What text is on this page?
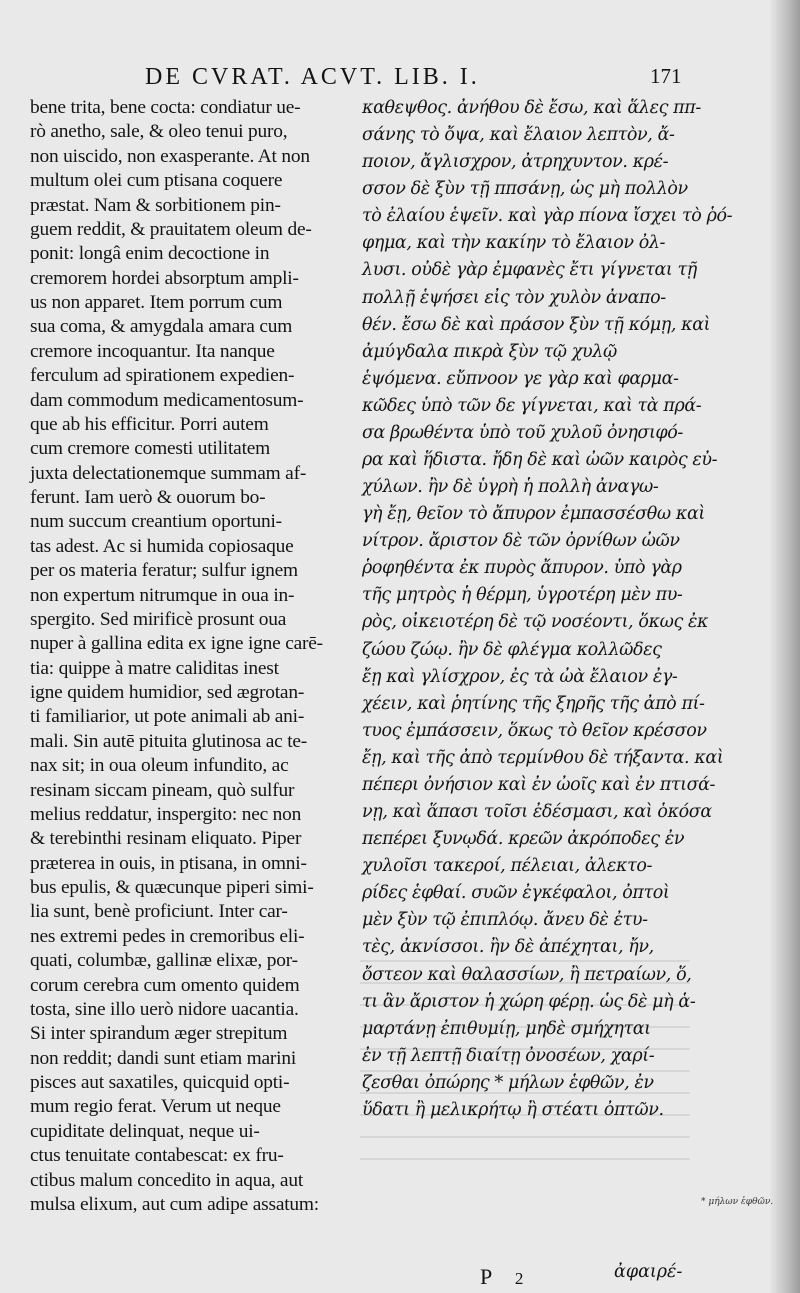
DE CVRAT. ACVT. LIB. I.	171
bene trita, bene cocta: condiatur ue-
rò anetho, sale, & oleo tenui puro,
non uiscido, non exasperante. At non
multum olei cum ptisana coquere
præstat. Nam & sorbitionem pin-
guem reddit, & prauitatem oleum de-
ponit: longâ enim decoctione in
cremorem hordei absorptum ampli-
us non apparet. Item porrum cum
sua coma, & amygdala amara cum
cremore incoquantur. Ita nanque
ferculum ad spirationem expedien-
dam commodum medicamentosum-
que ab his efficitur. Porri autem
cum cremore comesti utilitatem
juxta delectationemque summam af-
ferunt. Iam uerò & ouorum bo-
num succum creantium oportuni-
tas adest. Ac si humida copiosaque
per os materia feratur; sulfur ignem
non expertum nitrumque in oua in-
spergito. Sed mirificè prosunt oua
nuper à gallina edita ex igne igne carē-
tia: quippe à matre caliditas inest
igne quidem humidior, sed ægrotan-
ti familiarior, ut pote animali ab ani-
mali. Sin autē pituita glutinosa ac te-
nax sit; in oua oleum infundito, ac
resinam siccam pineam, quò sulfur
melius reddatur, inspergito: nec non
& terebinthi resinam eliquato. Piper
præterea in ouis, in ptisana, in omni-
bus epulis, & quæcunque piperi simi-
lia sunt, benè proficiunt. Inter car-
nes extremi pedes in cremoribus eli-
quati, columbæ, gallinæ elixæ, por-
corum cerebra cum omento quidem
tosta, sine illo uerò nidore uacantia.
Si inter spirandum æger strepitum
non reddit; dandi sunt etiam marini
pisces aut saxatiles, quicquid opti-
mum regio ferat. Verum ut neque
cupiditate delinquat, neque ui-
ctus tenuitate contabescat: ex fru-
ctibus malum concedito in aqua, aut
mulsa elixum, aut cum adipe assatum:
καθεψθος. ἀνήθου δὲ ἔσω, καὶ ἅλες ππ-
σάνης τὸ ὄψα, καὶ ἔλαιον λεπτὸν, ἄ-
ποιον, ἄγλισχρον, ἀτρηχυντον. κρέ-
σσον δὲ ξὺν τῇ ππσάνῃ, ὡς μὴ πολλὸν
τὸ ἐλαίου ἑψεῖν. καὶ γὰρ πίονα ἴσχει τὸ ῥό-
φημα, καὶ τὴν κακίην τὸ ἔλαιον ὀλ-
λυσι. οὐδὲ γὰρ ἐμφανὲς ἔτι γίγνεται τῇ
πολλῇ ἑψήσει εἰς τὸν χυλὸν ἀναπο-
θέν. ἔσω δὲ καὶ πράσον ξὺν τῇ κόμῃ, καὶ
ἀμύγδαλα πικρὰ ξὺν τῷ χυλῷ
ἑψόμενα. εὔπνοον γε γὰρ καὶ φαρμα-
κῶδες ὑπὸ τῶν δε γίγνεται, καὶ τὰ πρά-
σα βρωθέντα ὑπὸ τοῦ χυλοῦ ὀνησιφό-
ρα καὶ ἥδιστα. ἤδη δὲ καὶ ὠῶν καιρὸς εὐ-
χύλων. ἢν δὲ ὑγρὴ ἡ πολλὴ ἀναγω-
γὴ ἔῃ, θεῖον τὸ ἄπυρον ἐμπασσέσθω καὶ
νίτρον. ἄριστον δὲ τῶν ὀρνίθων ὠῶν
ῥοφηθέντα ἐκ πυρὸς ἄπυρον. ὑπὸ γὰρ
τῆς μητρὸς ἡ θέρμη, ὑγροτέρη μὲν πυ-
ρὸς, οἰκειοτέρη δὲ τῷ νοσέοντι, ὅκως ἐκ
ζώου ζώῳ. ἢν δὲ φλέγμα κολλῶδες
ἔῃ καὶ γλίσχρον, ἐς τὰ ὠὰ ἔλαιον ἐγ-
χέειν, καὶ ῥητίνης τῆς ξηρῆς τῆς ἀπὸ πί-
τυος ἐμπάσσειν, ὅκως τὸ θεῖον κρέσσον
ἔῃ, καὶ τῆς ἀπὸ τερμίνθου δὲ τήξαντα. καὶ
πέπερι ὀνήσιον καὶ ἐν ὠοῖς καὶ ἐν πτισά-
νῃ, καὶ ἅπασι τοῖσι ἐδέσμασι, καὶ ὁκόσα
πεπέρει ξυνῳδά. κρεῶν ἀκρόποδες ἐν
χυλοῖσι τακεροί, πέλειαι, ἀλεκτο-
ρίδες ἑφθαί. συῶν ἐγκέφαλοι, ὀπτοὶ
μὲν ξὺν τῷ ἐπιπλόῳ. ἄνευ δὲ ἐτυ-
τὲς, ἀκνίσσοι. ἢν δὲ ἀπέχηται, ἤν,
ὄστεον καὶ θαλασσίων, ἢ πετραίων, ὅ,
τι ἂν ἄριστον ἡ χώρη φέρῃ. ὡς δὲ μὴ ἁ-
μαρτάνῃ ἐπιθυμίῃ, μηδὲ σμήχηται
ἐν τῇ λεπτῇ διαίτῃ ὀνοσέων, χαρί-
ζεσθαι ὀπώρης * μήλων ἑφθῶν, ἐν
ὕδατι ἢ μελικρήτῳ ἢ στέατι ὀπτῶν.
* μήλων ἑφθῶν.
P 2	ἀφαιρέ-
